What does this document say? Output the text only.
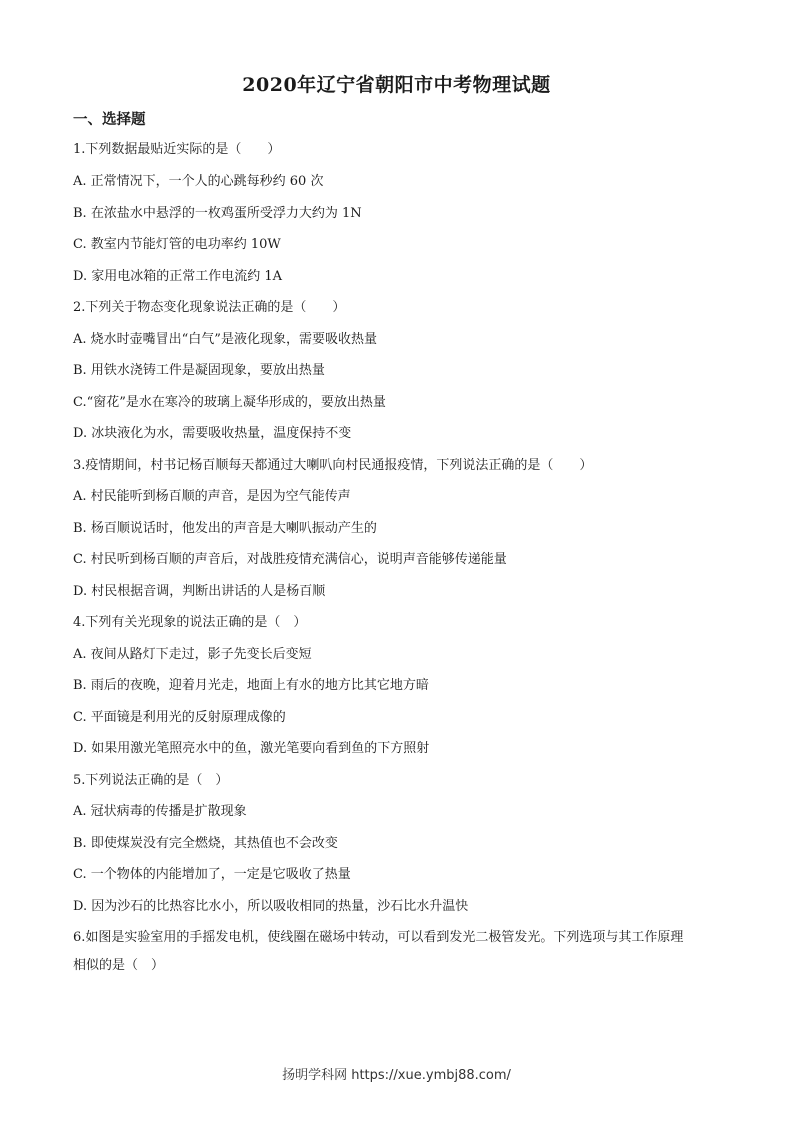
2020年辽宁省朝阳市中考物理试题
一、选择题
1.下列数据最贴近实际的是（　　）
A. 正常情况下，一个人的心跳每秒约 60 次
B. 在浓盐水中悬浮的一枚鸡蛋所受浮力大约为 1N
C. 教室内节能灯管的电功率约 10W
D. 家用电冰箱的正常工作电流约 1A
2.下列关于物态变化现象说法正确的是（　　）
A. 烧水时壶嘴冒出“白气”是液化现象，需要吸收热量
B. 用铁水浇铸工件是凝固现象，要放出热量
C.“窗花”是水在寒冷的玻璃上凝华形成的，要放出热量
D. 冰块液化为水，需要吸收热量，温度保持不变
3.疫情期间，村书记杨百顺每天都通过大喇叭向村民通报疫情，下列说法正确的是（　　）
A. 村民能听到杨百顺的声音，是因为空气能传声
B. 杨百顺说话时，他发出的声音是大喇叭振动产生的
C. 村民听到杨百顺的声音后，对战胜疫情充满信心，说明声音能够传递能量
D. 村民根据音调，判断出讲话的人是杨百顺
4.下列有关光现象的说法正确的是（　）
A. 夜间从路灯下走过，影子先变长后变短
B. 雨后的夜晚，迎着月光走，地面上有水的地方比其它地方暗
C. 平面镜是利用光的反射原理成像的
D. 如果用激光笔照亮水中的鱼，激光笔要向看到鱼的下方照射
5.下列说法正确的是（　）
A. 冠状病毒的传播是扩散现象
B. 即使煤炭没有完全燃烧，其热值也不会改变
C. 一个物体的内能增加了，一定是它吸收了热量
D. 因为沙石的比热容比水小，所以吸收相同的热量，沙石比水升温快
6.如图是实验室用的手摇发电机，使线圈在磁场中转动，可以看到发光二极管发光。下列选项与其工作原理
相似的是（　）
扬明学科网 https://xue.ymbj88.com/
